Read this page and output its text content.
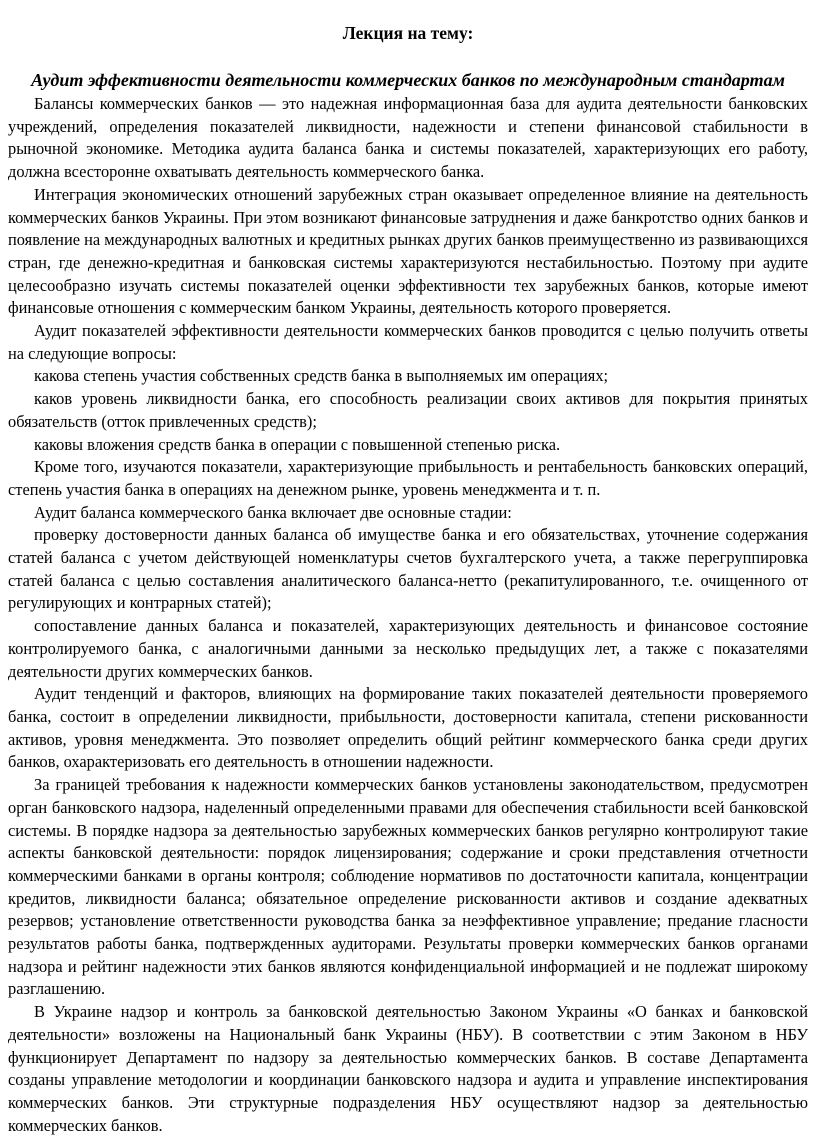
Лекция на тему:
Аудит эффективности деятельности коммерческих банков по международным стандартам

Балансы коммерческих банков — это надежная информационная база для аудита деятельности банковских учреждений, определения показателей ликвидности, надежности и степени финансовой стабильности в рыночной экономике. Методика аудита баланса банка и системы показателей, характеризующих его работу, должна всесторонне охватывать деятельность коммерческого банка.

Интеграция экономических отношений зарубежных стран оказывает определенное влияние на деятельность коммерческих банков Украины. При этом возникают финансовые затруднения и даже банкротство одних банков и появление на международных валютных и кредитных рынках других банков преимущественно из развивающихся стран, где денежно-кредитная и банковская системы характеризуются нестабильностью. Поэтому при аудите целесообразно изучать системы показателей оценки эффективности тех зарубежных банков, которые имеют финансовые отношения с коммерческим банком Украины, деятельность которого проверяется.

Аудит показателей эффективности деятельности коммерческих банков проводится с целью получить ответы на следующие вопросы:

какова степень участия собственных средств банка в выполняемых им операциях;

каков уровень ликвидности банка, его способность реализации своих активов для покрытия принятых обязательств (отток привлеченных средств);

каковы вложения средств банка в операции с повышенной степенью риска.

Кроме того, изучаются показатели, характеризующие прибыльность и рентабельность банковских операций, степень участия банка в операциях на денежном рынке, уровень менеджмента и т. п.

Аудит баланса коммерческого банка включает две основные стадии:

проверку достоверности данных баланса об имуществе банка и его обязательствах, уточнение содержания статей баланса с учетом действующей номенклатуры счетов бухгалтерского учета, а также перегруппировка статей баланса с целью составления аналитического баланса-нетто (рекапитулированного, т.е. очищенного от регулирующих и контрарных статей);

сопоставление данных баланса и показателей, характеризующих деятельность и финансовое состояние контролируемого банка, с аналогичными данными за несколько предыдущих лет, а также с показателями деятельности других коммерческих банков.

Аудит тенденций и факторов, влияющих на формирование таких показателей деятельности проверяемого банка, состоит в определении ликвидности, прибыльности, достоверности капитала, степени рискованности активов, уровня менеджмента. Это позволяет определить общий рейтинг коммерческого банка среди других банков, охарактеризовать его деятельность в отношении надежности.

За границей требования к надежности коммерческих банков установлены законодательством, предусмотрен орган банковского надзора, наделенный определенными правами для обеспечения стабильности всей банковской системы. В порядке надзора за деятельностью зарубежных коммерческих банков регулярно контролируют такие аспекты банковской деятельности: порядок лицензирования; содержание и сроки представления отчетности коммерческими банками в органы контроля; соблюдение нормативов по достаточности капитала, концентрации кредитов, ликвидности баланса; обязательное определение рискованности активов и создание адекватных резервов; установление ответственности руководства банка за неэффективное управление; предание гласности результатов работы банка, подтвержденных аудиторами. Результаты проверки коммерческих банков органами надзора и рейтинг надежности этих банков являются конфиденциальной информацией и не подлежат широкому разглашению.

В Украине надзор и контроль за банковской деятельностью Законом Украины «О банках и банковской деятельности» возложены на Национальный банк Украины (НБУ). В соответствии с этим Законом в НБУ функционирует Департамент по надзору за деятельностью коммерческих банков. В составе Департамента созданы управление методологии и координации банковского надзора и аудита и управление инспектирования коммерческих банков. Эти структурные подразделения НБУ осуществляют надзор за деятельностью коммерческих банков.
